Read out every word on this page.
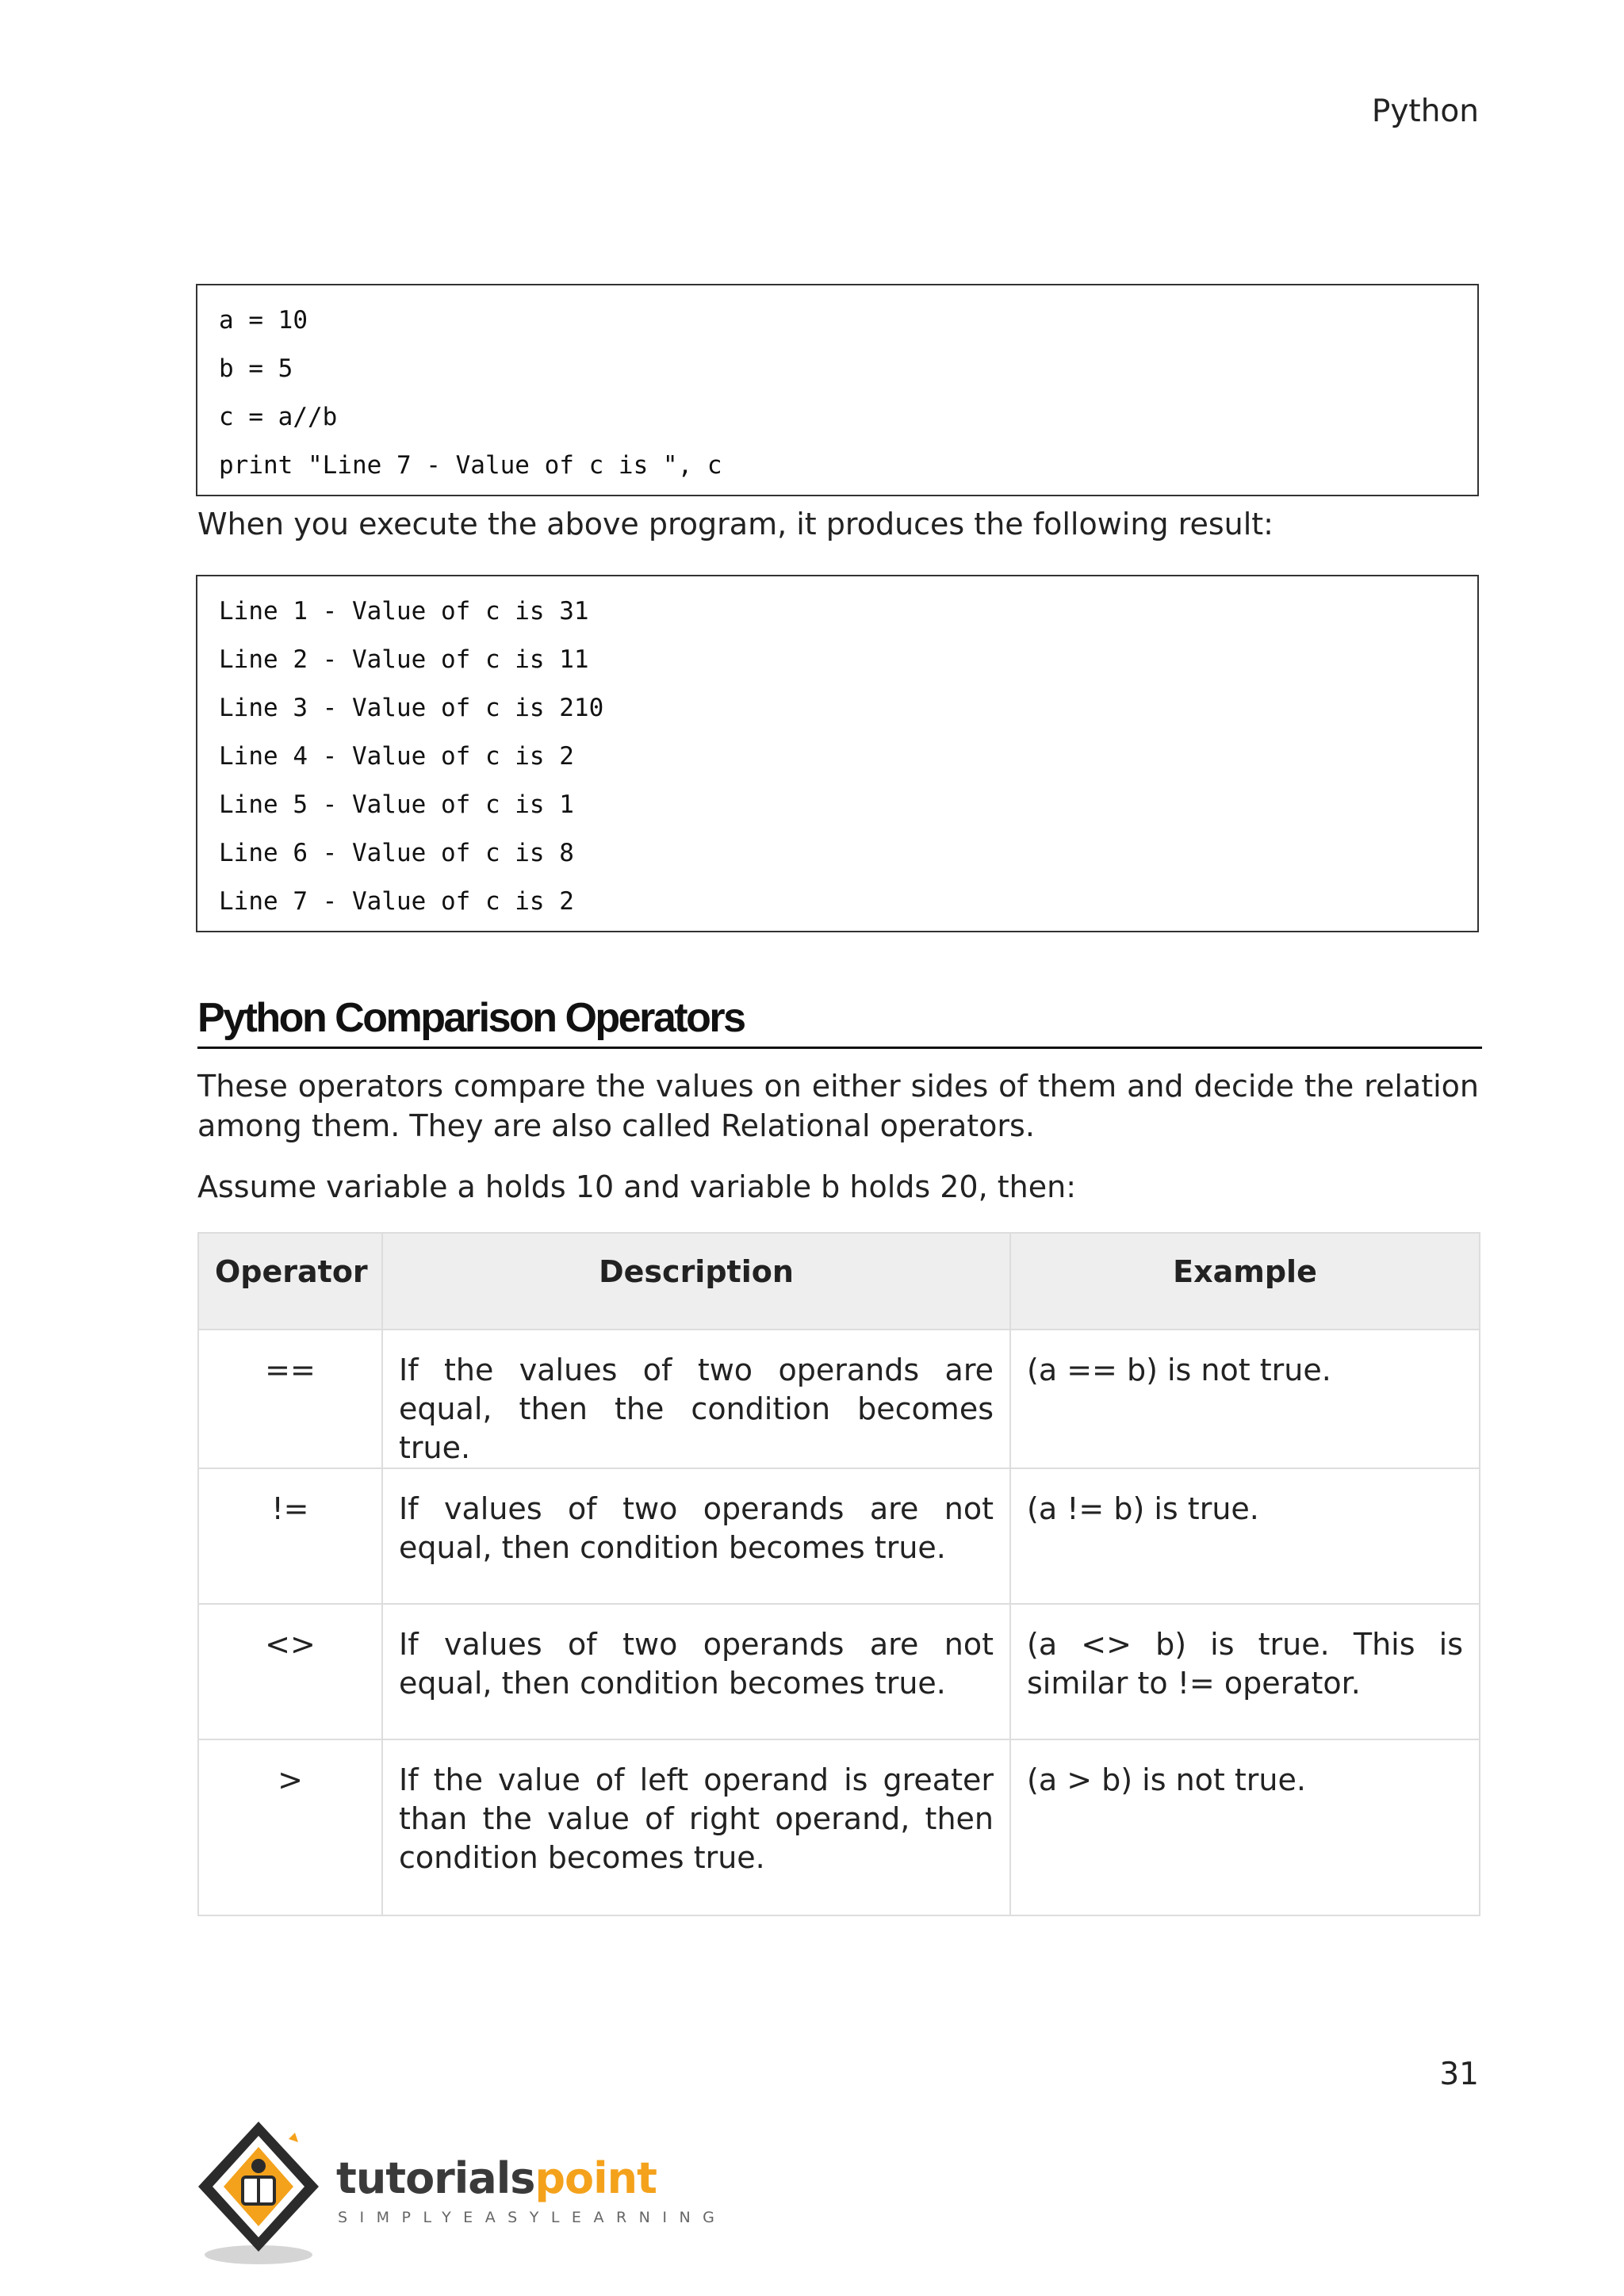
Python
a = 10
b = 5
c = a//b
print "Line 7 - Value of c is ", c
When you execute the above program, it produces the following result:
Line 1 - Value of c is 31
Line 2 - Value of c is 11
Line 3 - Value of c is 210
Line 4 - Value of c is 2
Line 5 - Value of c is 1
Line 6 - Value of c is 8
Line 7 - Value of c is 2
Python Comparison Operators
These operators compare the values on either sides of them and decide the relation among them. They are also called Relational operators.
Assume variable a holds 10 and variable b holds 20, then:
Operator	Description	Example
==	If the values of two operands are equal, then the condition becomes true.	(a == b) is not true.
!=	If values of two operands are not equal, then condition becomes true.	(a != b) is true.
<>	If values of two operands are not equal, then condition becomes true.	(a <> b) is true. This is similar to != operator.
>	If the value of left operand is greater than the value of right operand, then condition becomes true.	(a > b) is not true.
31
tutorialspoint
SIMPLYEASYLEARNING
